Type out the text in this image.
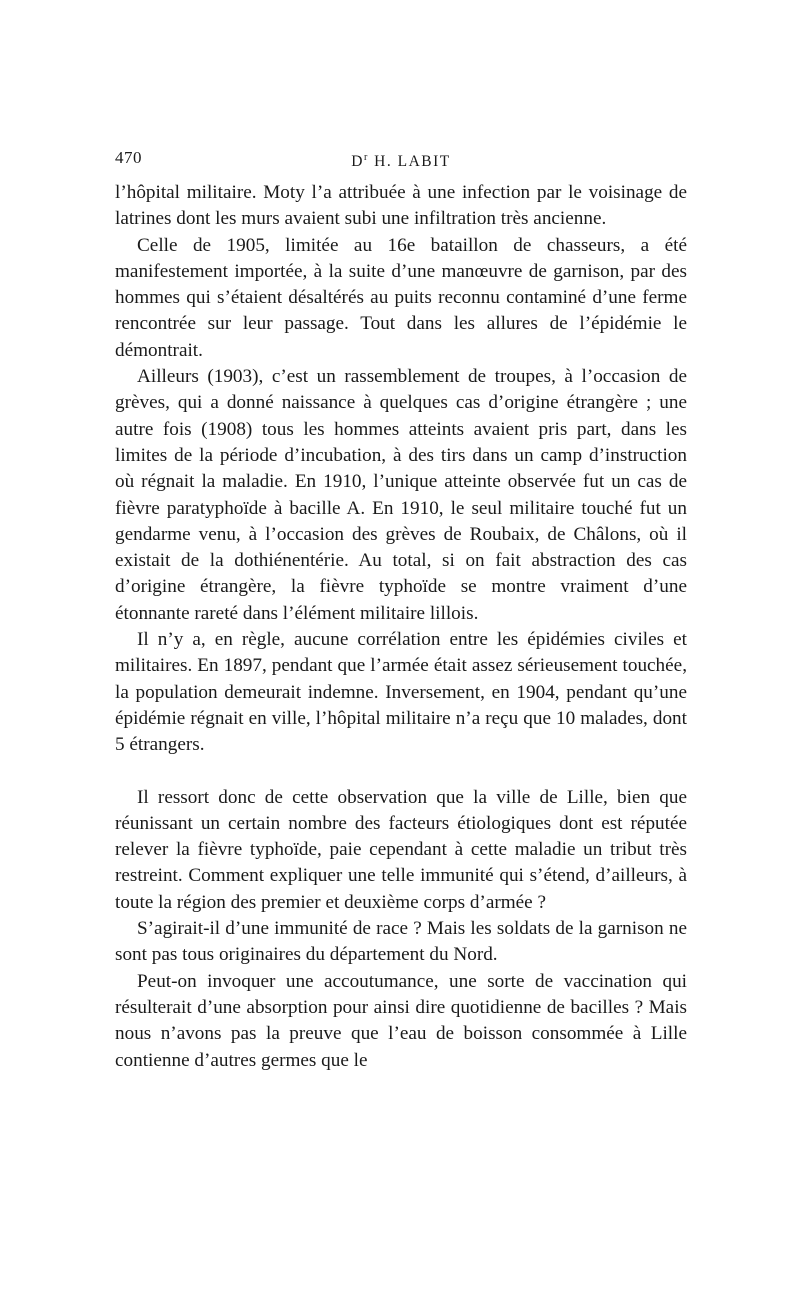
470	$D^r$ H. LABIT

l’hôpital militaire. Moty l’a attribuée à une infection par le voisinage de latrines dont les murs avaient subi une infiltration très ancienne.

Celle de 1905, limitée au 16e bataillon de chasseurs, a été manifestement importée, à la suite d’une manœuvre de garnison, par des hommes qui s’étaient désaltérés au puits reconnu contaminé d’une ferme rencontrée sur leur passage. Tout dans les allures de l’épidémie le démontrait.

Ailleurs (1903), c’est un rassemblement de troupes, à l’occasion de grèves, qui a donné naissance à quelques cas d’origine étrangère ; une autre fois (1908) tous les hommes atteints avaient pris part, dans les limites de la période d’incubation, à des tirs dans un camp d’instruction où régnait la maladie. En 1910, l’unique atteinte observée fut un cas de fièvre paratyphoïde à bacille A. En 1910, le seul militaire touché fut un gendarme venu, à l’occasion des grèves de Roubaix, de Châlons, où il existait de la dothiénentérie. Au total, si on fait abstraction des cas d’origine étrangère, la fièvre typhoïde se montre vraiment d’une étonnante rareté dans l’élément militaire lillois.

Il n’y a, en règle, aucune corrélation entre les épidémies civiles et militaires. En 1897, pendant que l’armée était assez sérieusement touchée, la population demeurait indemne. Inversement, en 1904, pendant qu’une épidémie régnait en ville, l’hôpital militaire n’a reçu que 10 malades, dont 5 étrangers.

Il ressort donc de cette observation que la ville de Lille, bien que réunissant un certain nombre des facteurs étiologiques dont est réputée relever la fièvre typhoïde, paie cependant à cette maladie un tribut très restreint. Comment expliquer une telle immunité qui s’étend, d’ailleurs, à toute la région des premier et deuxième corps d’armée ?

S’agirait-il d’une immunité de race ? Mais les soldats de la garnison ne sont pas tous originaires du département du Nord.

Peut-on invoquer une accoutumance, une sorte de vaccination qui résulterait d’une absorption pour ainsi dire quotidienne de bacilles ? Mais nous n’avons pas la preuve que l’eau de boisson consommée à Lille contienne d’autres germes que le
